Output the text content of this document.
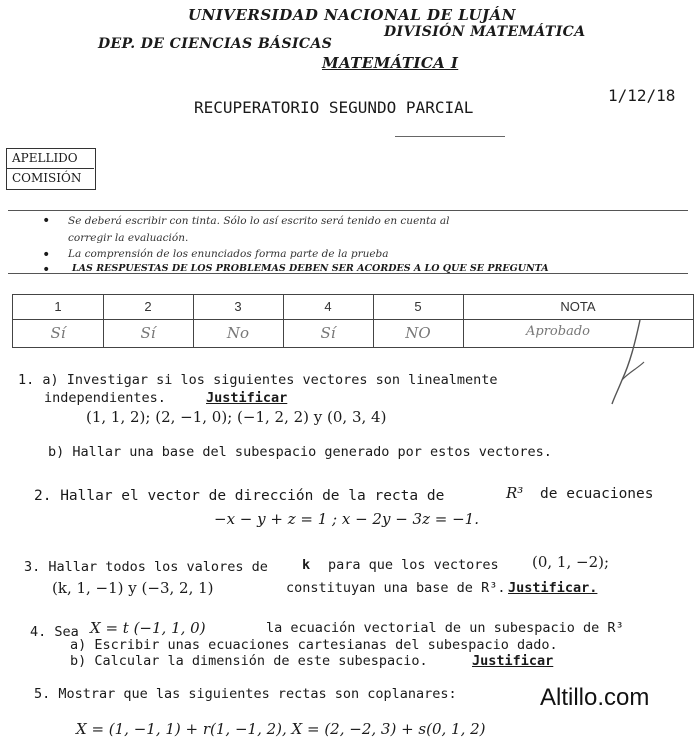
UNIVERSIDAD NACIONAL DE LUJÁN
DEP. DE CIENCIAS BÁSICAS
DIVISIÓN MATEMÁTICA
MATEMÁTICA I
RECUPERATORIO SEGUNDO PARCIAL
1/12/18
APELLIDO
COMISIÓN
• Se deberá escribir con tinta. Sólo lo así escrito será tenido en cuenta al
corregir la evaluación.
• La comprensión de los enunciados forma parte de la prueba
• LAS RESPUESTAS DE LOS PROBLEMAS DEBEN SER ACORDES A LO QUE SE PREGUNTA
1	2	3	4	5	NOTA
Sí	Sí	No	Sí	NO	Aprobado
1. a) Investigar si los siguientes vectores son linealmente
independientes.	Justificar
(1, 1, 2); (2, −1, 0); (−1, 2, 2) y (0, 3, 4)
b) Hallar una base del subespacio generado por estos vectores.
2. Hallar el vector de dirección de la recta de	R³ de ecuaciones
−x − y + z = 1 ; x − 2y − 3z = −1.
3. Hallar todos los valores de	k para que los vectores (0, 1, −2);
(k, 1, −1) y (−3, 2, 1)	constituyan una base de R³. Justificar.
4. Sea X = t (−1, 1, 0)	la ecuación vectorial de un subespacio de R³
a) Escribir unas ecuaciones cartesianas del subespacio dado.
b) Calcular la dimensión de este subespacio.	Justificar
5. Mostrar que las siguientes rectas son coplanares:
X = (1, −1, 1) + r(1, −1, 2), X = (2, −2, 3) + s(0, 1, 2)
Altillo.com
